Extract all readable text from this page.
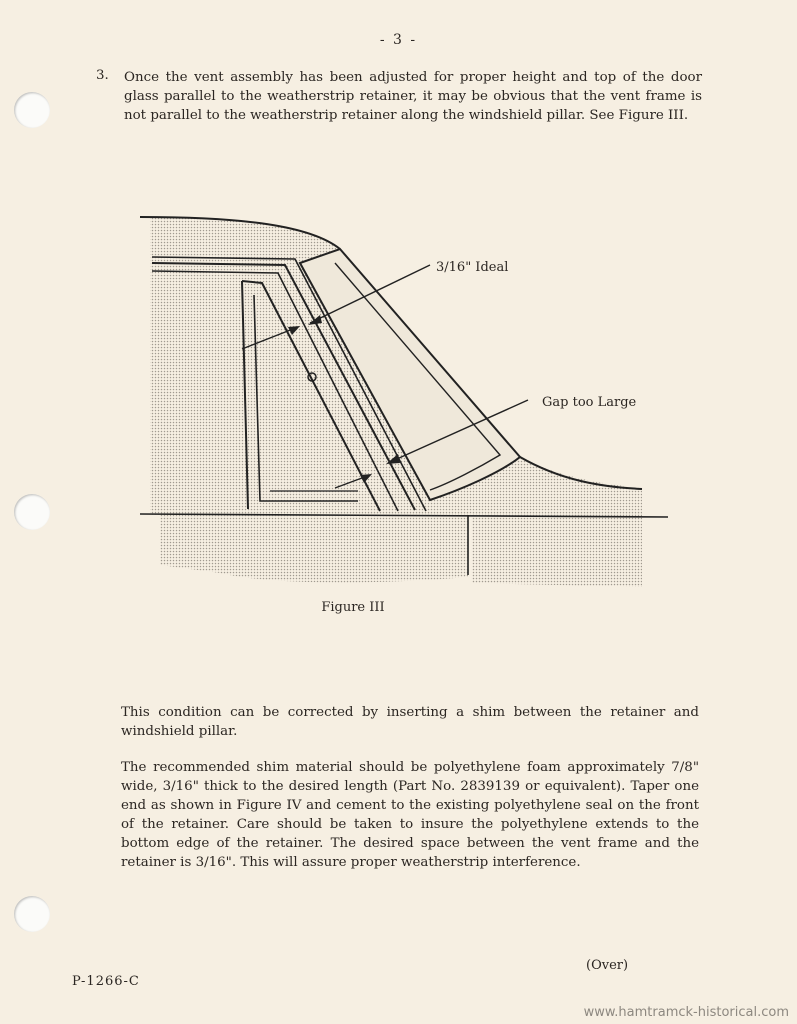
- 3 -
3. Once the vent assembly has been adjusted for proper height and top of the door glass parallel to the weatherstrip retainer, it may be obvious that the vent frame is not parallel to the weatherstrip retainer along the windshield pillar. See Figure III.

3/16" Ideal
Gap too Large
Figure III

This condition can be corrected by inserting a shim between the retainer and windshield pillar.

The recommended shim material should be polyethylene foam approximately 7/8" wide, 3/16" thick to the desired length (Part No. 2839139 or equivalent). Taper one end as shown in Figure IV and cement to the existing polyethylene seal on the front of the retainer. Care should be taken to insure the polyethylene extends to the bottom edge of the retainer. The desired space between the vent frame and the retainer is 3/16". This will assure proper weatherstrip interference.

P-1266-C
(Over)
www.hamtramck-historical.com
